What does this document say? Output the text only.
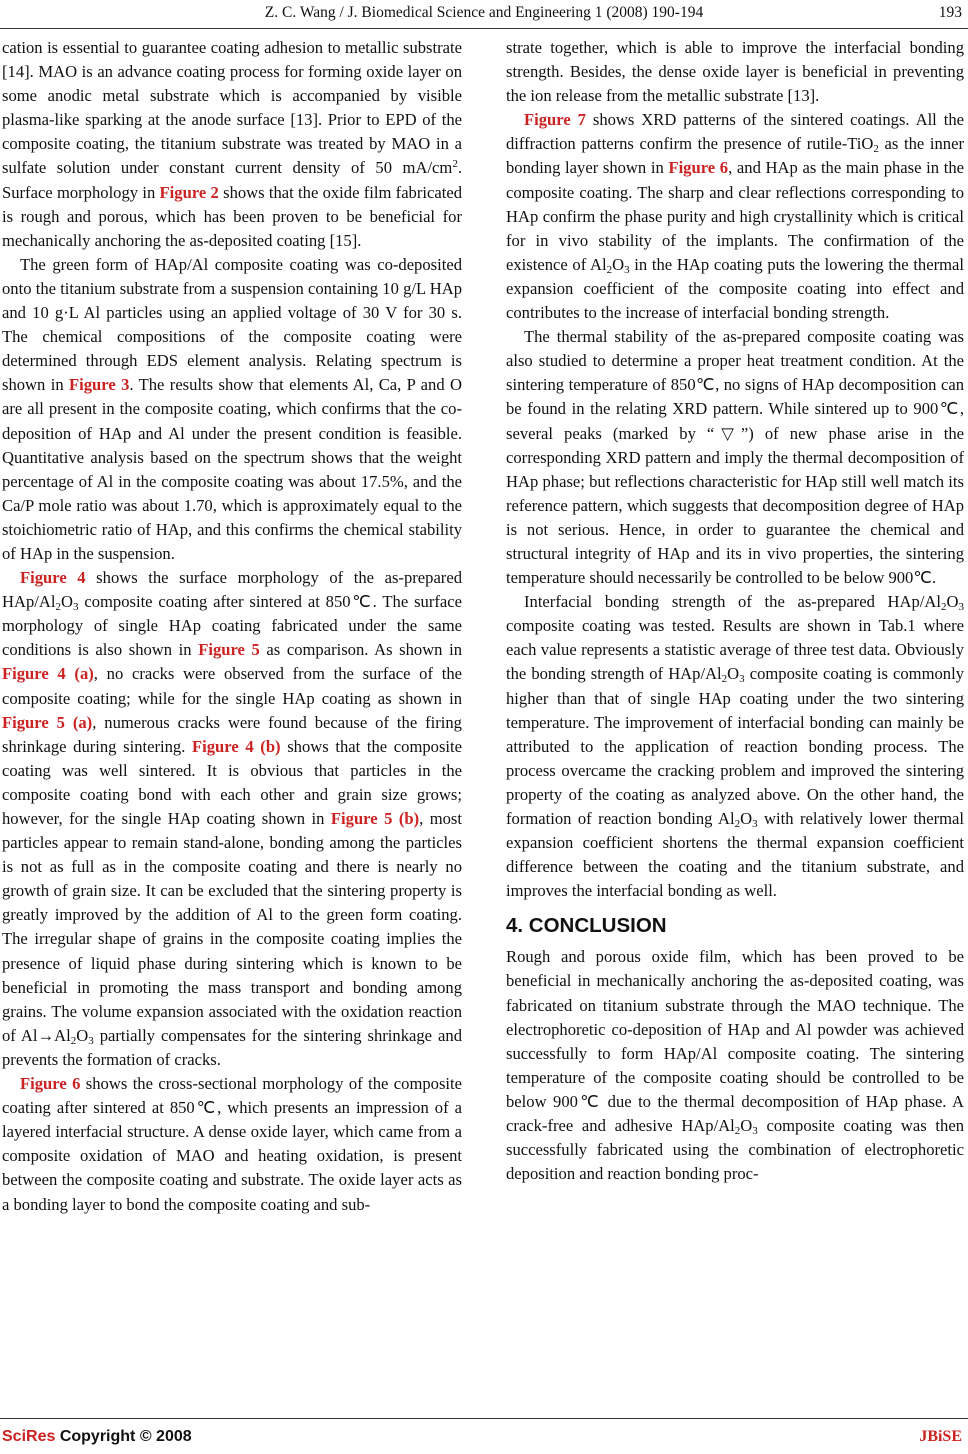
Z. C. Wang / J. Biomedical Science and Engineering 1 (2008) 190-194	193

cation is essential to guarantee coating adhesion to metallic substrate [14]. MAO is an advance coating process for forming oxide layer on some anodic metal substrate which is accompanied by visible plasma-like sparking at the anode surface [13]. Prior to EPD of the composite coating, the titanium substrate was treated by MAO in a sulfate solution under constant current density of 50 $mA/cm^2$. Surface morphology in Figure 2 shows that the oxide film fabricated is rough and porous, which has been proven to be beneficial for mechanically anchoring the as-deposited coating [15].

The green form of HAp/Al composite coating was co-deposited onto the titanium substrate from a suspension containing 10 g/L HAp and 10 g·L Al particles using an applied voltage of 30 V for 30 s. The chemical compositions of the composite coating were determined through EDS element analysis. Relating spectrum is shown in Figure 3. The results show that elements Al, Ca, P and O are all present in the composite coating, which confirms that the co-deposition of HAp and Al under the present condition is feasible. Quantitative analysis based on the spectrum shows that the weight percentage of Al in the composite coating was about 17.5%, and the Ca/P mole ratio was about 1.70, which is approximately equal to the stoichiometric ratio of HAp, and this confirms the chemical stability of HAp in the suspension.

Figure 4 shows the surface morphology of the as-prepared HAp/$Al_2O_3$ composite coating after sintered at 850℃. The surface morphology of single HAp coating fabricated under the same conditions is also shown in Figure 5 as comparison. As shown in Figure 4 (a), no cracks were observed from the surface of the composite coating; while for the single HAp coating as shown in Figure 5 (a), numerous cracks were found because of the firing shrinkage during sintering. Figure 4 (b) shows that the composite coating was well sintered. It is obvious that particles in the composite coating bond with each other and grain size grows; however, for the single HAp coating shown in Figure 5 (b), most particles appear to remain stand-alone, bonding among the particles is not as full as in the composite coating and there is nearly no growth of grain size. It can be excluded that the sintering property is greatly improved by the addition of Al to the green form coating. The irregular shape of grains in the composite coating implies the presence of liquid phase during sintering which is known to be beneficial in promoting the mass transport and bonding among grains. The volume expansion associated with the oxidation reaction of $Al\to Al_2O_3$ partially compensates for the sintering shrinkage and prevents the formation of cracks.

Figure 6 shows the cross-sectional morphology of the composite coating after sintered at 850℃, which presents an impression of a layered interfacial structure. A dense oxide layer, which came from a composite oxidation of MAO and heating oxidation, is present between the composite coating and substrate. The oxide layer acts as a bonding layer to bond the composite coating and sub-

strate together, which is able to improve the interfacial bonding strength. Besides, the dense oxide layer is beneficial in preventing the ion release from the metallic substrate [13].

Figure 7 shows XRD patterns of the sintered coatings. All the diffraction patterns confirm the presence of rutile-TiO$_2$ as the inner bonding layer shown in Figure 6, and HAp as the main phase in the composite coating. The sharp and clear reflections corresponding to HAp confirm the phase purity and high crystallinity which is critical for in vivo stability of the implants. The confirmation of the existence of $Al_2O_3$ in the HAp coating puts the lowering the thermal expansion coefficient of the composite coating into effect and contributes to the increase of interfacial bonding strength.

The thermal stability of the as-prepared composite coating was also studied to determine a proper heat treatment condition. At the sintering temperature of 850℃, no signs of HAp decomposition can be found in the relating XRD pattern. While sintered up to 900℃, several peaks (marked by “▽”) of new phase arise in the corresponding XRD pattern and imply the thermal decomposition of HAp phase; but reflections characteristic for HAp still well match its reference pattern, which suggests that decomposition degree of HAp is not serious. Hence, in order to guarantee the chemical and structural integrity of HAp and its in vivo properties, the sintering temperature should necessarily be controlled to be below 900℃.

Interfacial bonding strength of the as-prepared HAp/$Al_2O_3$ composite coating was tested. Results are shown in Tab.1 where each value represents a statistic average of three test data. Obviously the bonding strength of HAp/$Al_2O_3$ composite coating is commonly higher than that of single HAp coating under the two sintering temperature. The improvement of interfacial bonding can mainly be attributed to the application of reaction bonding process. The process overcame the cracking problem and improved the sintering property of the coating as analyzed above. On the other hand, the formation of reaction bonding $Al_2O_3$ with relatively lower thermal expansion coefficient shortens the thermal expansion coefficient difference between the coating and the titanium substrate, and improves the interfacial bonding as well.

4. CONCLUSION

Rough and porous oxide film, which has been proved to be beneficial in mechanically anchoring the as-deposited coating, was fabricated on titanium substrate through the MAO technique. The electrophoretic co-deposition of HAp and Al powder was achieved successfully to form HAp/Al composite coating. The sintering temperature of the composite coating should be controlled to be below 900℃ due to the thermal decomposition of HAp phase. A crack-free and adhesive HAp/$Al_2O_3$ composite coating was then successfully fabricated using the combination of electrophoretic deposition and reaction bonding proc-

SciRes Copyright © 2008	JBiSE
